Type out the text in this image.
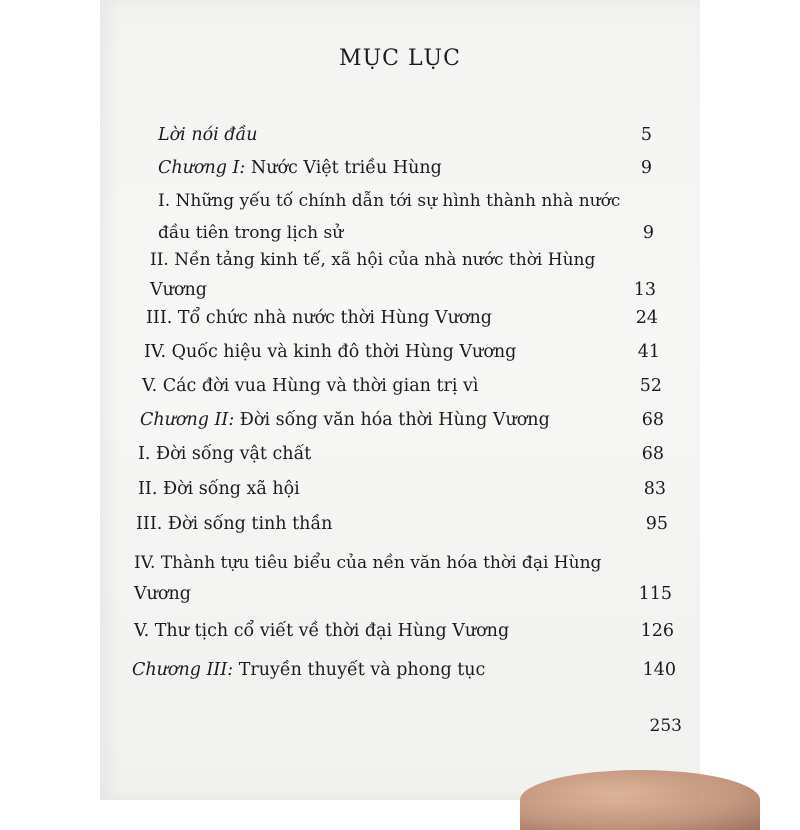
MỤC LỤC
Lời nói đầu	5
Chương I: Nước Việt triều Hùng	9
I. Những yếu tố chính dẫn tới sự hình thành nhà nước
đầu tiên trong lịch sử	9
II. Nền tảng kinh tế, xã hội của nhà nước thời Hùng
Vương	13
III. Tổ chức nhà nước thời Hùng Vương	24
IV. Quốc hiệu và kinh đô thời Hùng Vương	41
V. Các đời vua Hùng và thời gian trị vì	52
Chương II: Đời sống văn hóa thời Hùng Vương	68
I. Đời sống vật chất	68
II. Đời sống xã hội	83
III. Đời sống tinh thần	95
IV. Thành tựu tiêu biểu của nền văn hóa thời đại Hùng
Vương	115
V. Thư tịch cổ viết về thời đại Hùng Vương	126
Chương III: Truyền thuyết và phong tục	140
253
